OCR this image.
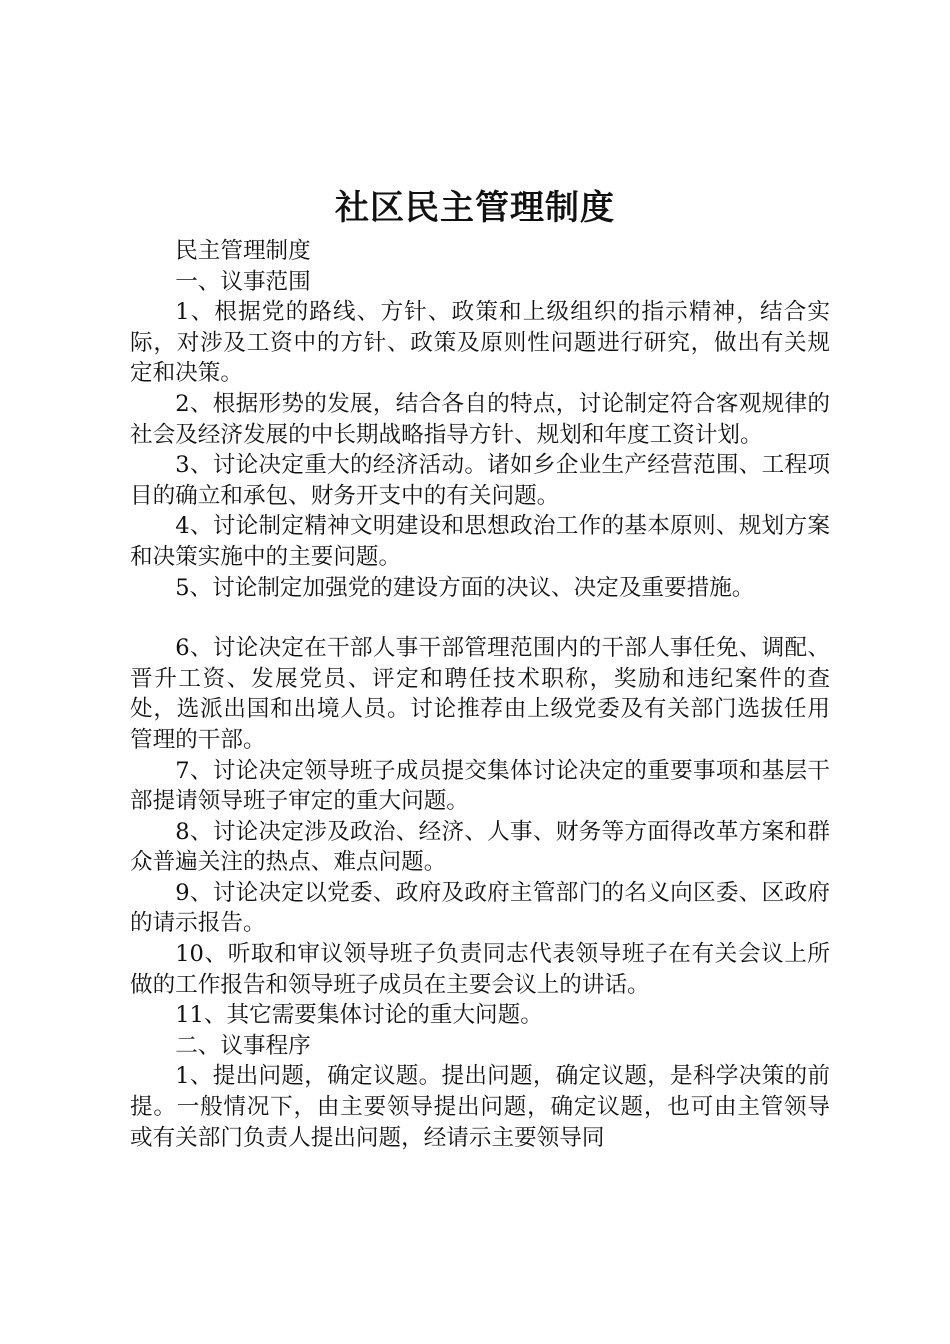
社区民主管理制度

民主管理制度

一、议事范围

1、根据党的路线、方针、政策和上级组织的指示精神，结合实际，对涉及工资中的方针、政策及原则性问题进行研究，做出有关规定和决策。

2、根据形势的发展，结合各自的特点，讨论制定符合客观规律的社会及经济发展的中长期战略指导方针、规划和年度工资计划。

3、讨论决定重大的经济活动。诸如乡企业生产经营范围、工程项目的确立和承包、财务开支中的有关问题。

4、讨论制定精神文明建设和思想政治工作的基本原则、规划方案和决策实施中的主要问题。

5、讨论制定加强党的建设方面的决议、决定及重要措施。

6、讨论决定在干部人事干部管理范围内的干部人事任免、调配、晋升工资、发展党员、评定和聘任技术职称，奖励和违纪案件的查处，选派出国和出境人员。讨论推荐由上级党委及有关部门选拔任用管理的干部。

7、讨论决定领导班子成员提交集体讨论决定的重要事项和基层干部提请领导班子审定的重大问题。

8、讨论决定涉及政治、经济、人事、财务等方面得改革方案和群众普遍关注的热点、难点问题。

9、讨论决定以党委、政府及政府主管部门的名义向区委、区政府的请示报告。

10、听取和审议领导班子负责同志代表领导班子在有关会议上所做的工作报告和领导班子成员在主要会议上的讲话。

11、其它需要集体讨论的重大问题。

二、议事程序

1、提出问题，确定议题。提出问题，确定议题，是科学决策的前提。一般情况下，由主要领导提出问题，确定议题，也可由主管领导或有关部门负责人提出问题，经请示主要领导同
